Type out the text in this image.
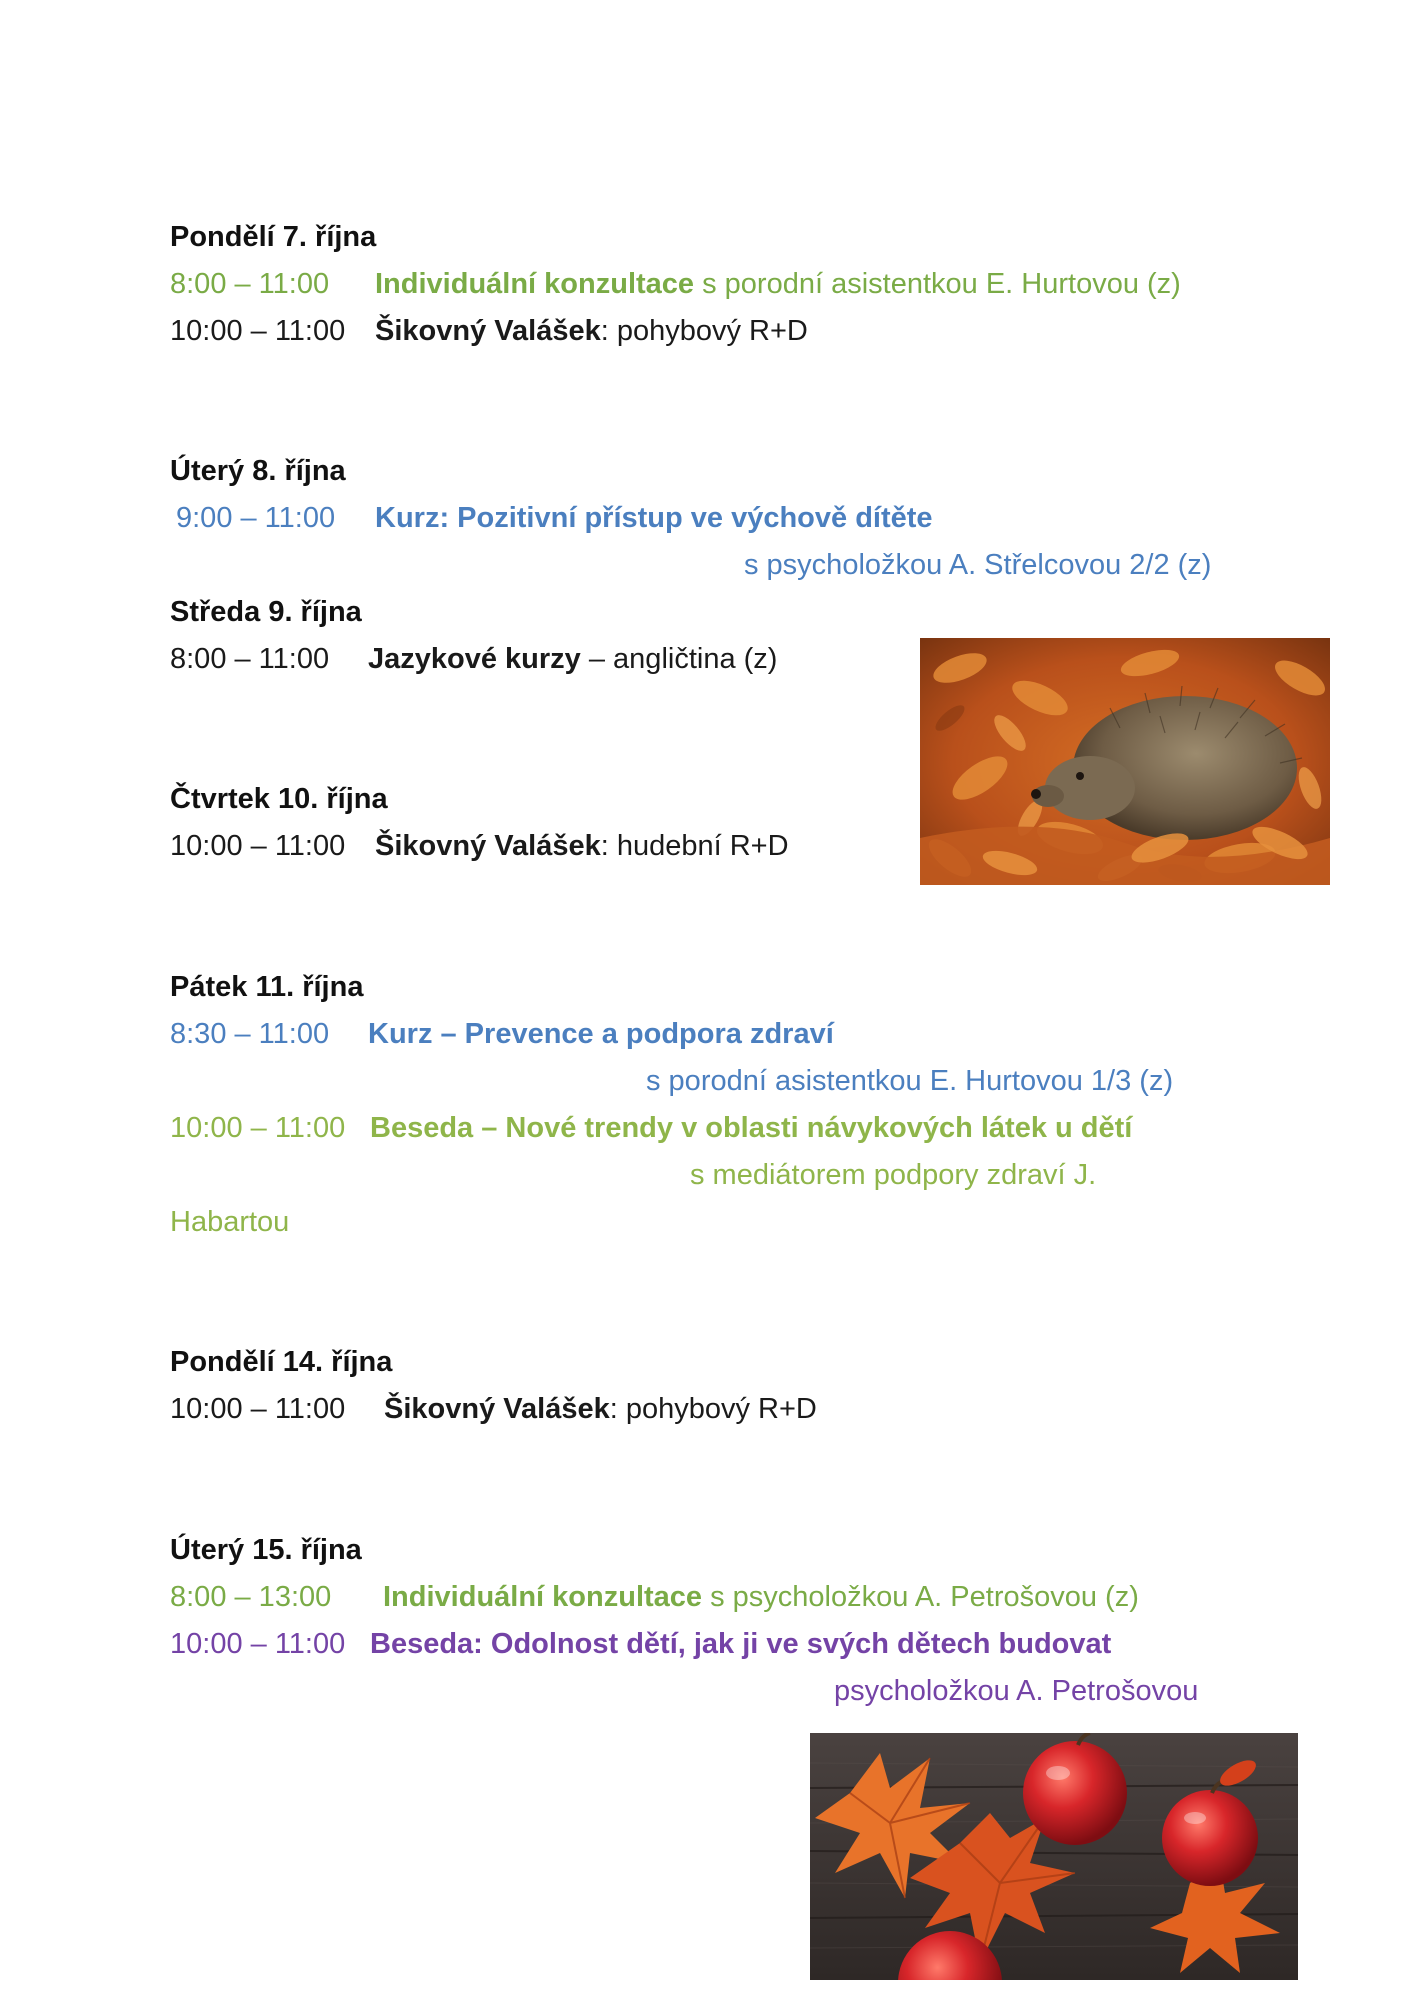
Pondělí 7. října
8:00 – 11:00 Individuální konzultace s porodní asistentkou E. Hurtovou (z)
10:00 – 11:00 Šikovný Valášek: pohybový R+D
Úterý 8. října
9:00 – 11:00 Kurz: Pozitivní přístup ve výchově dítěte
s psycholožkou A. Střelcovou 2/2 (z)
Středa 9. října
8:00 – 11:00 Jazykové kurzy – angličtina (z)
Čtvrtek 10. října
10:00 – 11:00 Šikovný Valášek: hudební R+D
Pátek 11. října
8:30 – 11:00 Kurz – Prevence a podpora zdraví
s porodní asistentkou E. Hurtovou 1/3 (z)
10:00 – 11:00 Beseda – Nové trendy v oblasti návykových látek u dětí
s mediátorem podpory zdraví J.
Habartou
Pondělí 14. října
10:00 – 11:00 Šikovný Valášek: pohybový R+D
Úterý 15. října
8:00 – 13:00 Individuální konzultace s psycholožkou A. Petrošovou (z)
10:00 – 11:00 Beseda: Odolnost dětí, jak ji ve svých dětech budovat
psycholožkou A. Petrošovou
